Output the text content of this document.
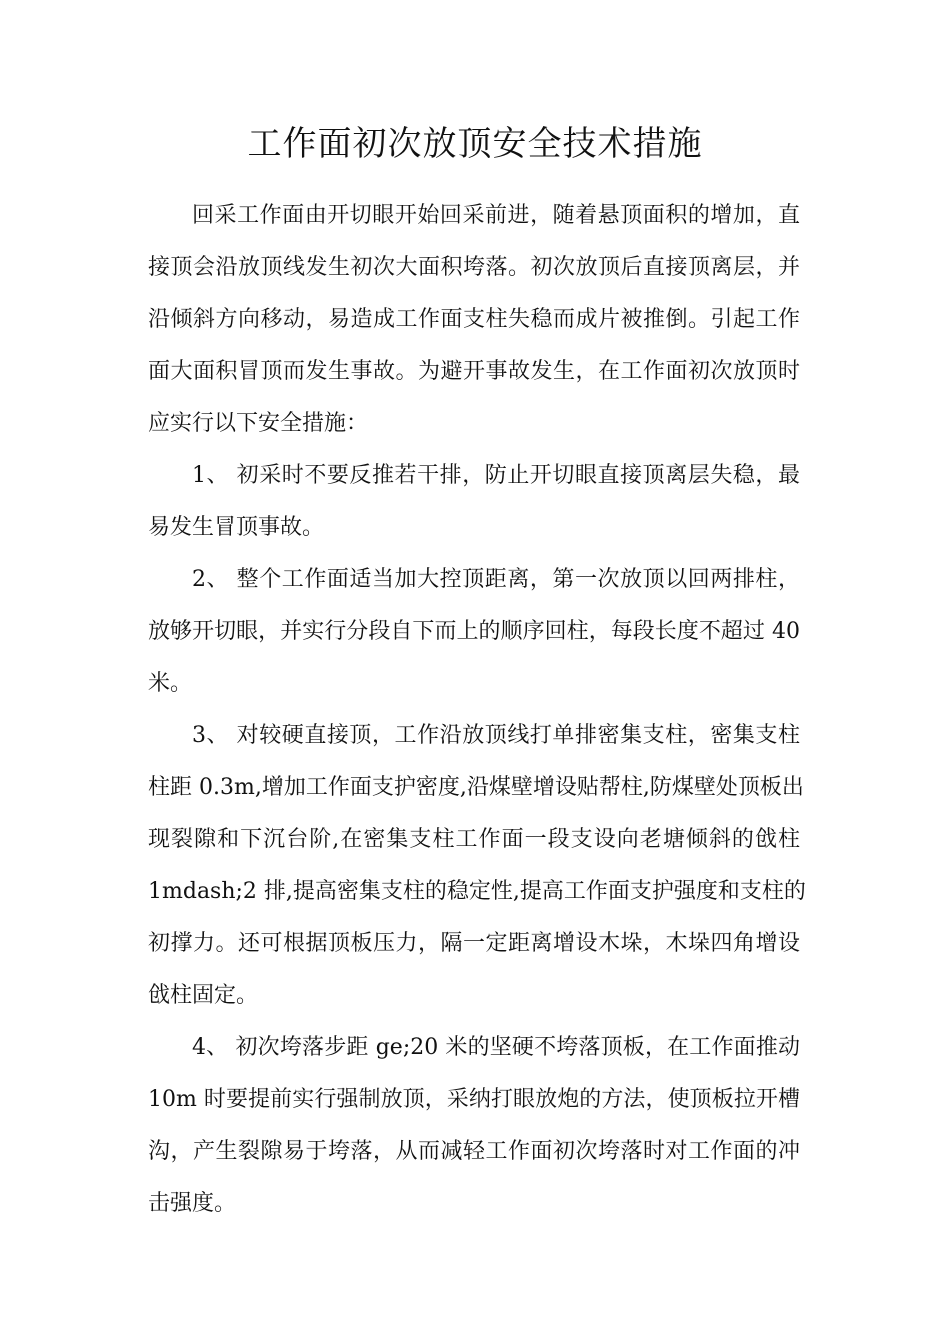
工作面初次放顶安全技术措施
回采工作面由开切眼开始回采前进，随着悬顶面积的增加，直
接顶会沿放顶线发生初次大面积垮落。初次放顶后直接顶离层，并
沿倾斜方向移动，易造成工作面支柱失稳而成片被推倒。引起工作
面大面积冒顶而发生事故。为避开事故发生，在工作面初次放顶时
应实行以下安全措施：
1、 初采时不要反推若干排，防止开切眼直接顶离层失稳，最
易发生冒顶事故。
2、 整个工作面适当加大控顶距离，第一次放顶以回两排柱，
放够开切眼，并实行分段自下而上的顺序回柱，每段长度不超过 40
米。
3、 对较硬直接顶，工作沿放顶线打单排密集支柱，密集支柱
柱距 0.3m,增加工作面支护密度,沿煤壁增设贴帮柱,防煤壁处顶板出
现裂隙和下沉台阶,在密集支柱工作面一段支设向老塘倾斜的戗柱
1mdash;2 排,提高密集支柱的稳定性,提高工作面支护强度和支柱的
初撑力。还可根据顶板压力，隔一定距离增设木垛，木垛四角增设
戗柱固定。
4、 初次垮落步距 ge;20 米的坚硬不垮落顶板，在工作面推动
10m 时要提前实行强制放顶，采纳打眼放炮的方法，使顶板拉开槽
沟，产生裂隙易于垮落，从而减轻工作面初次垮落时对工作面的冲
击强度。
